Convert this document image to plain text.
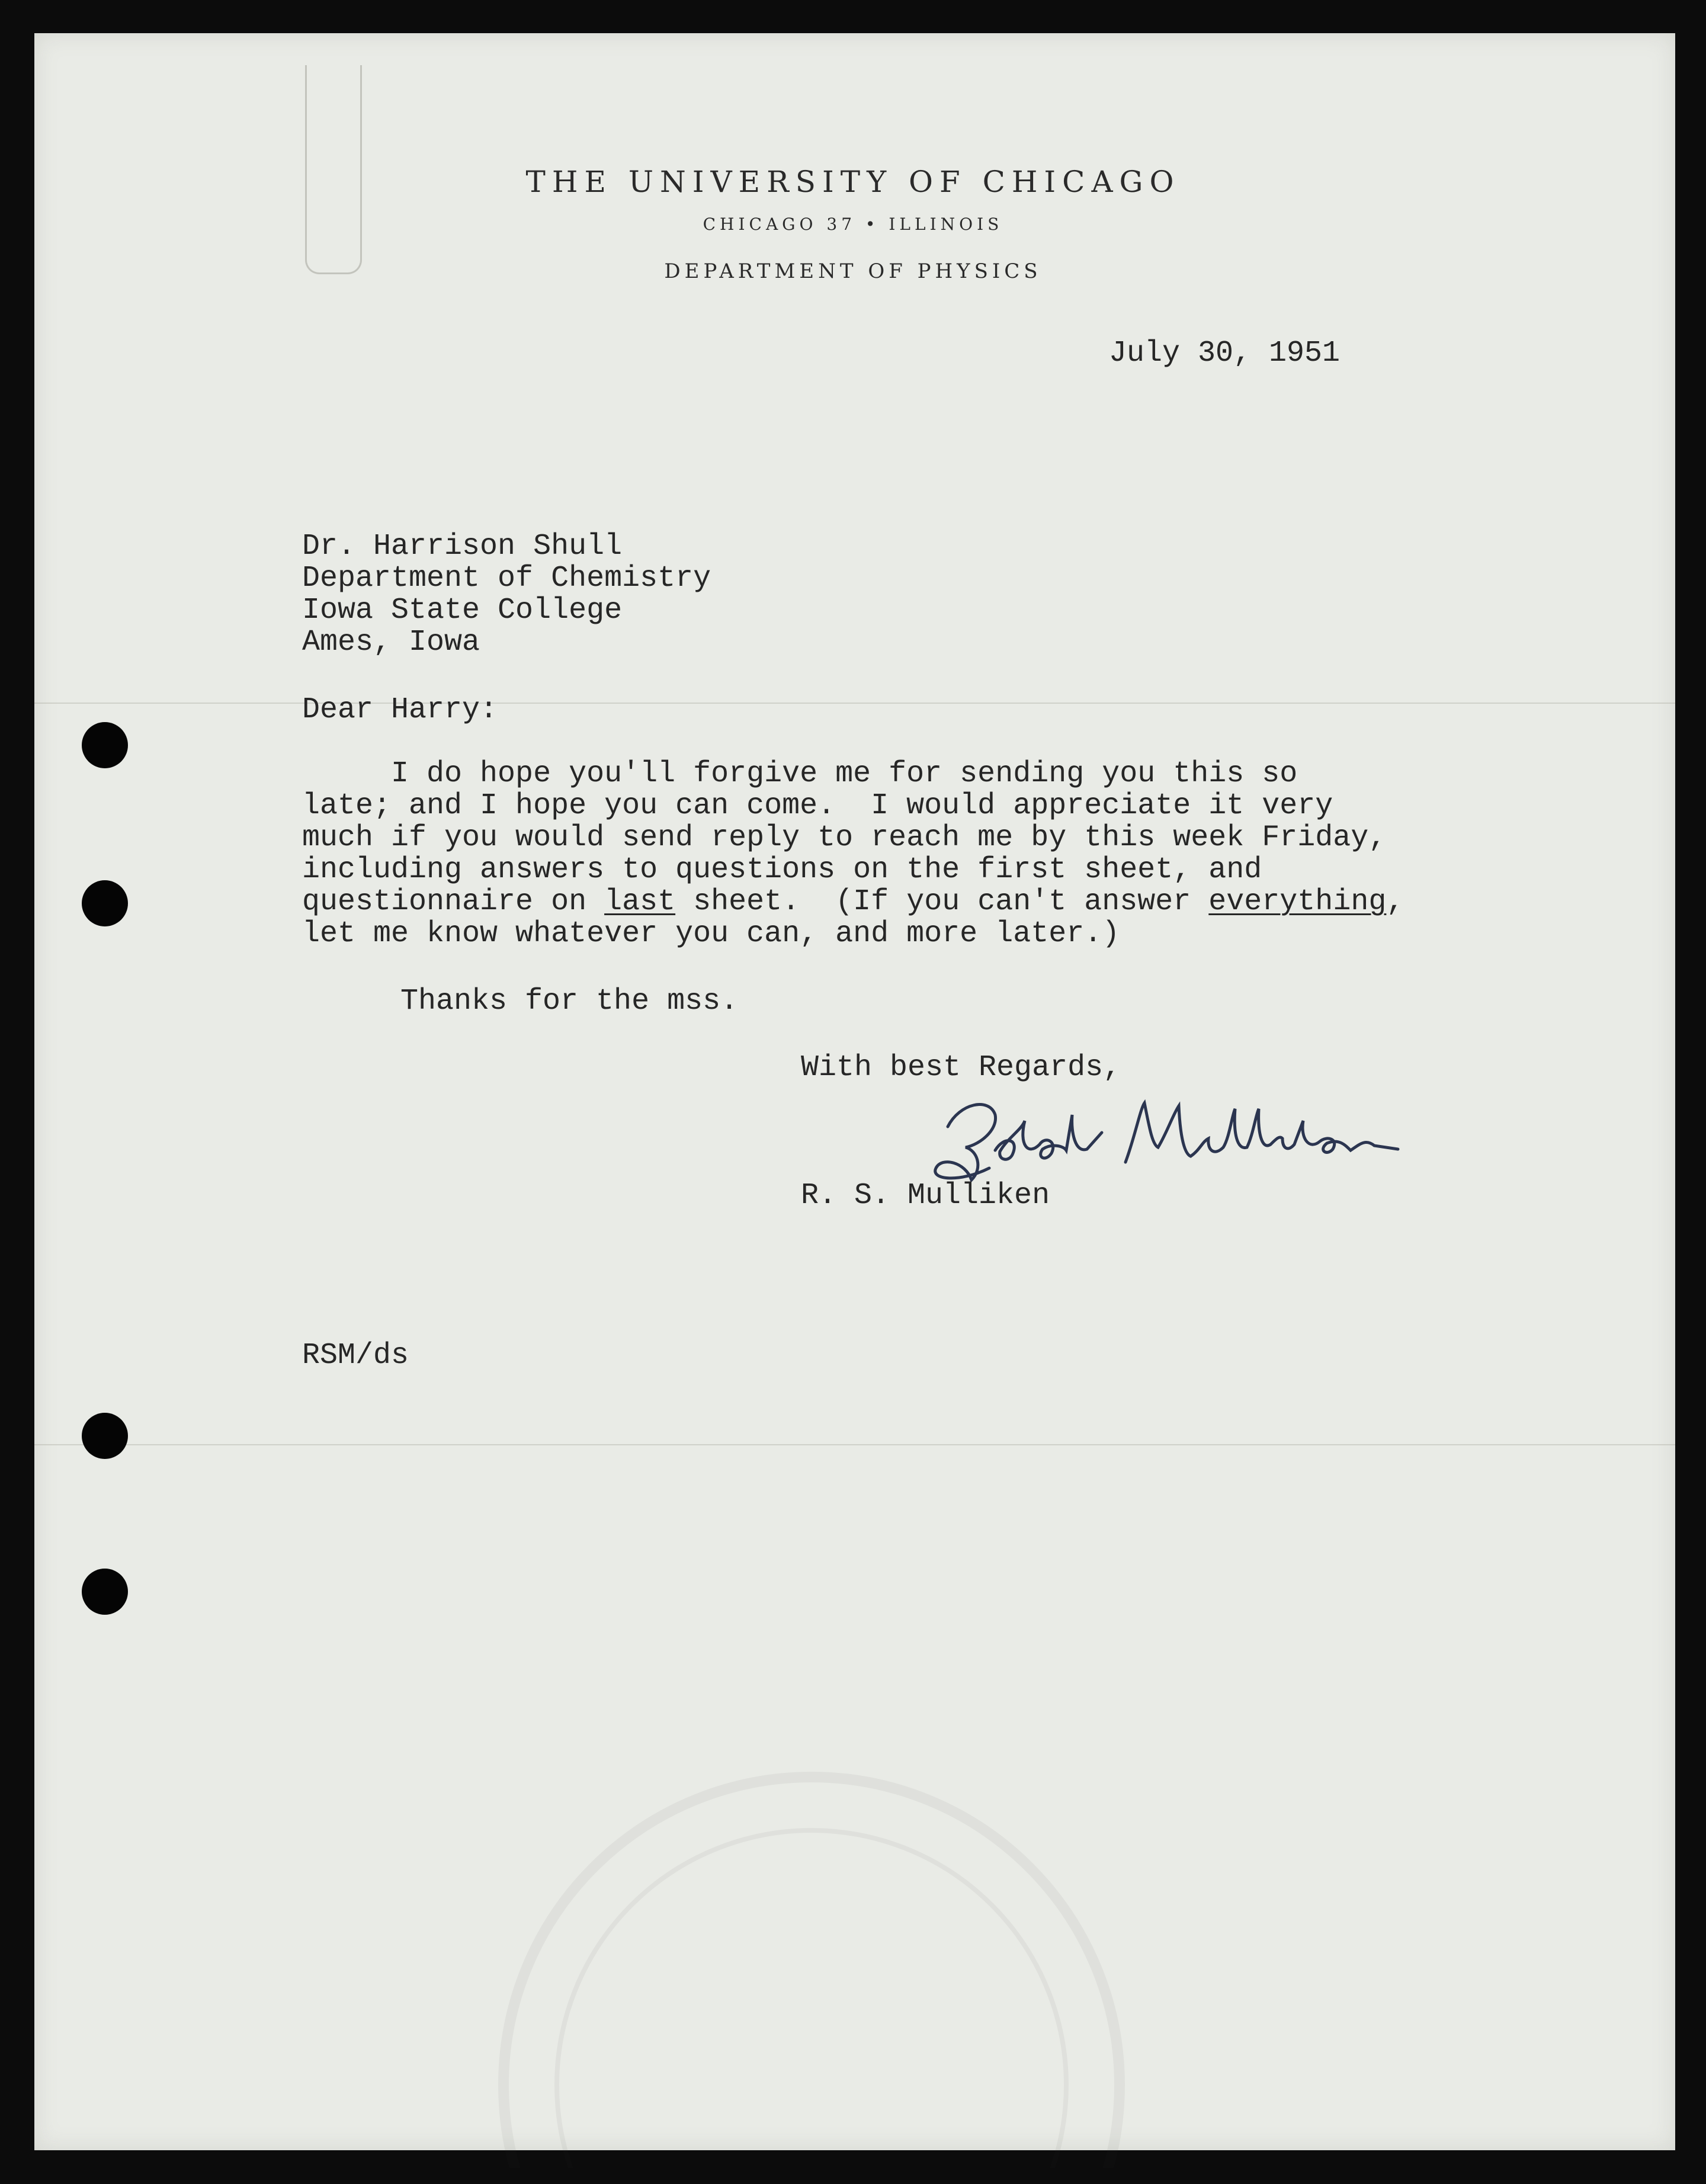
THE UNIVERSITY OF CHICAGO
CHICAGO 37 • ILLINOIS
DEPARTMENT OF PHYSICS
July 30, 1951
Dr. Harrison Shull
Department of Chemistry
Iowa State College
Ames, Iowa
Dear Harry:
I do hope you'll forgive me for sending you this so
late; and I hope you can come.  I would appreciate it very
much if you would send reply to reach me by this week Friday,
including answers to questions on the first sheet, and
questionnaire on last sheet.  (If you can't answer everything,
let me know whatever you can, and more later.)
Thanks for the mss.
With best Regards,
R. S. Mulliken
RSM/ds
